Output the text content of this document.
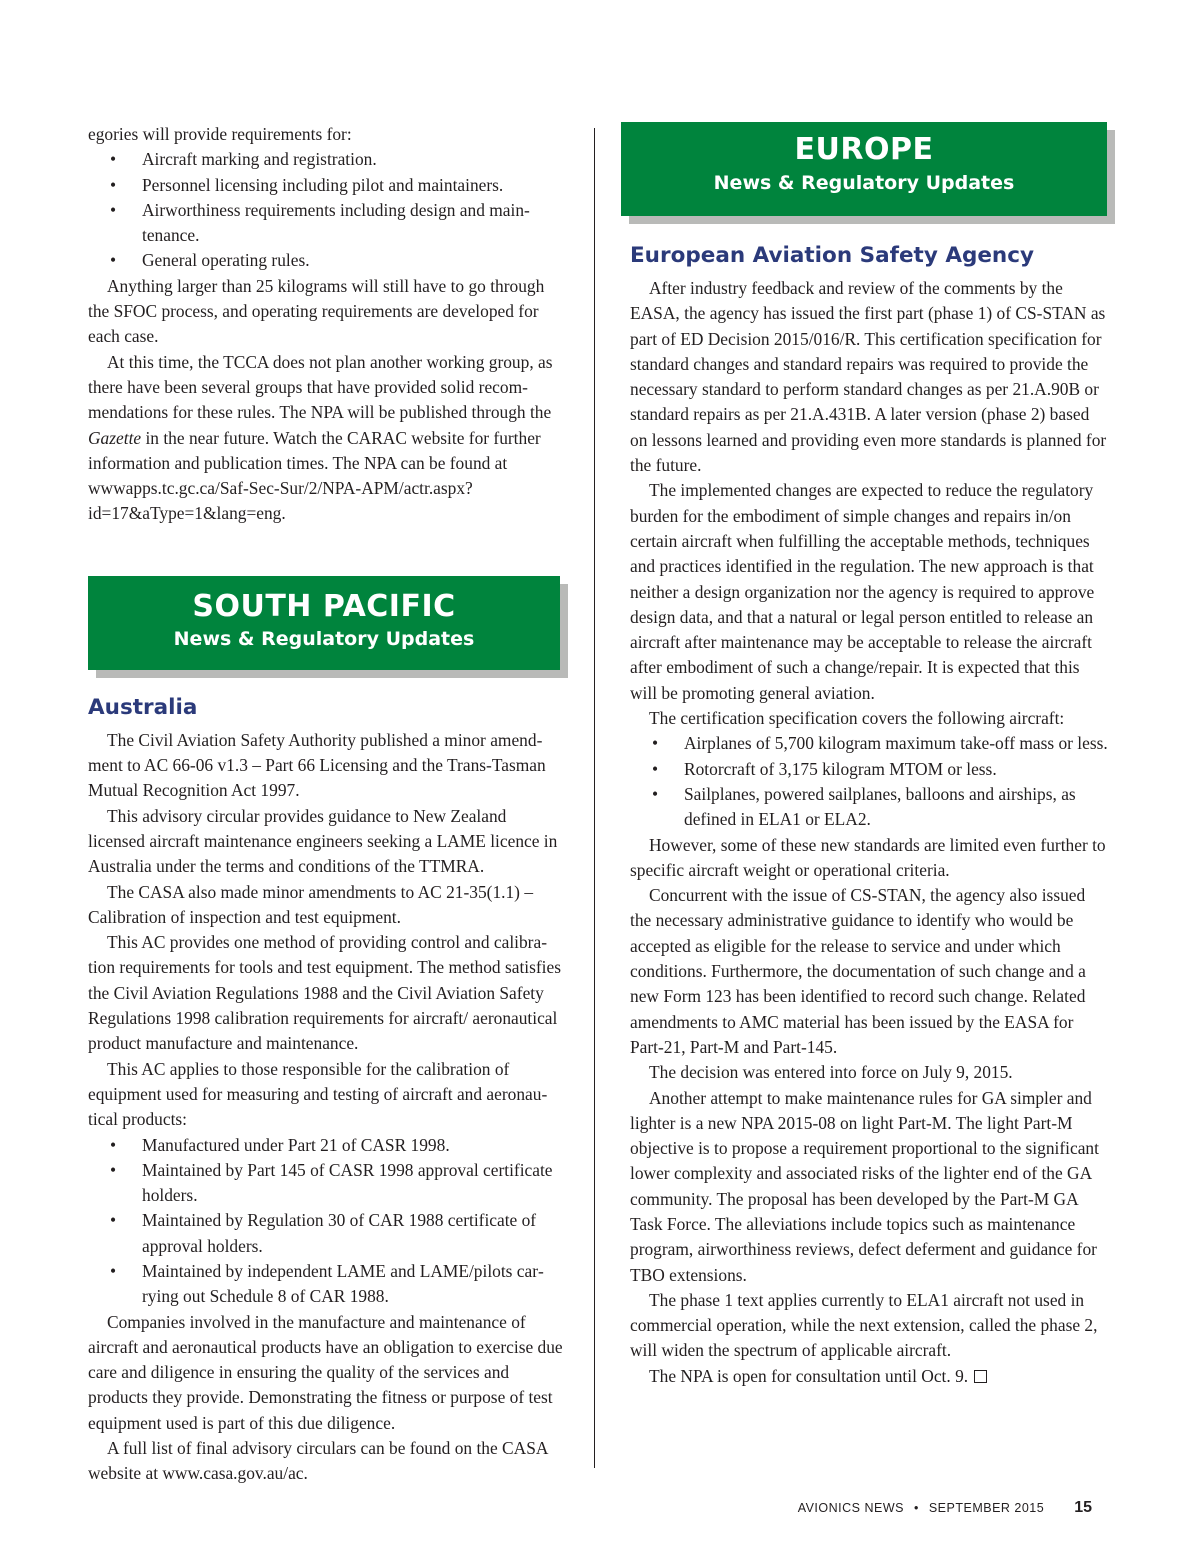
egories will provide requirements for:

• Aircraft marking and registration.
• Personnel licensing including pilot and maintainers.
• Airworthiness requirements including design and main-
tenance.
• General operating rules.

Anything larger than 25 kilograms will still have to go through the SFOC process, and operating requirements are developed for each case.

At this time, the TCCA does not plan another working group, as there have been several groups that have provided solid recommendations for these rules. The NPA will be published through the Gazette in the near future. Watch the CARAC website for further information and publication times. The NPA can be found at wwwapps.tc.gc.ca/Saf-Sec-Sur/2/NPA-APM/actr.aspx?id=17&aType=1&lang=eng.

SOUTH PACIFIC
News & Regulatory Updates
Australia

The Civil Aviation Safety Authority published a minor amendment to AC 66-06 v1.3 – Part 66 Licensing and the Trans-Tasman Mutual Recognition Act 1997.

This advisory circular provides guidance to New Zealand licensed aircraft maintenance engineers seeking a LAME licence in Australia under the terms and conditions of the TTMRA.

The CASA also made minor amendments to AC 21-35(1.1) – Calibration of inspection and test equipment.

This AC provides one method of providing control and calibration requirements for tools and test equipment. The method satisfies the Civil Aviation Regulations 1988 and the Civil Aviation Safety Regulations 1998 calibration requirements for aircraft/ aeronautical product manufacture and maintenance.

This AC applies to those responsible for the calibration of equipment used for measuring and testing of aircraft and aeronautical products:

• Manufactured under Part 21 of CASR 1998.
• Maintained by Part 145 of CASR 1998 approval certificate holders.
• Maintained by Regulation 30 of CAR 1988 certificate of approval holders.
• Maintained by independent LAME and LAME/pilots carrying out Schedule 8 of CAR 1988.

Companies involved in the manufacture and maintenance of aircraft and aeronautical products have an obligation to exercise due care and diligence in ensuring the quality of the services and products they provide. Demonstrating the fitness or purpose of test equipment used is part of this due diligence.

A full list of final advisory circulars can be found on the CASA website at www.casa.gov.au/ac.

EUROPE
News & Regulatory Updates
European Aviation Safety Agency

After industry feedback and review of the comments by the EASA, the agency has issued the first part (phase 1) of CS-STAN as part of ED Decision 2015/016/R. This certification specification for standard changes and standard repairs was required to provide the necessary standard to perform standard changes as per 21.A.90B or standard repairs as per 21.A.431B. A later version (phase 2) based on lessons learned and providing even more standards is planned for the future.

The implemented changes are expected to reduce the regulatory burden for the embodiment of simple changes and repairs in/on certain aircraft when fulfilling the acceptable methods, techniques and practices identified in the regulation. The new approach is that neither a design organization nor the agency is required to approve design data, and that a natural or legal person entitled to release an aircraft after maintenance may be acceptable to release the aircraft after embodiment of such a change/repair. It is expected that this will be promoting general aviation.

The certification specification covers the following aircraft:

• Airplanes of 5,700 kilogram maximum take-off mass or less.
• Rotorcraft of 3,175 kilogram MTOM or less.
• Sailplanes, powered sailplanes, balloons and airships, as defined in ELA1 or ELA2.

However, some of these new standards are limited even further to specific aircraft weight or operational criteria.

Concurrent with the issue of CS-STAN, the agency also issued the necessary administrative guidance to identify who would be accepted as eligible for the release to service and under which conditions. Furthermore, the documentation of such change and a new Form 123 has been identified to record such change. Related amendments to AMC material has been issued by the EASA for Part-21, Part-M and Part-145.

The decision was entered into force on July 9, 2015.

Another attempt to make maintenance rules for GA simpler and lighter is a new NPA 2015-08 on light Part-M. The light Part-M objective is to propose a requirement proportional to the significant lower complexity and associated risks of the lighter end of the GA community. The proposal has been developed by the Part-M GA Task Force. The alleviations include topics such as maintenance program, airworthiness reviews, defect deferment and guidance for TBO extensions.

The phase 1 text applies currently to ELA1 aircraft not used in commercial operation, while the next extension, called the phase 2, will widen the spectrum of applicable aircraft.

The NPA is open for consultation until Oct. 9.

AVIONICS NEWS • SEPTEMBER 2015 15
